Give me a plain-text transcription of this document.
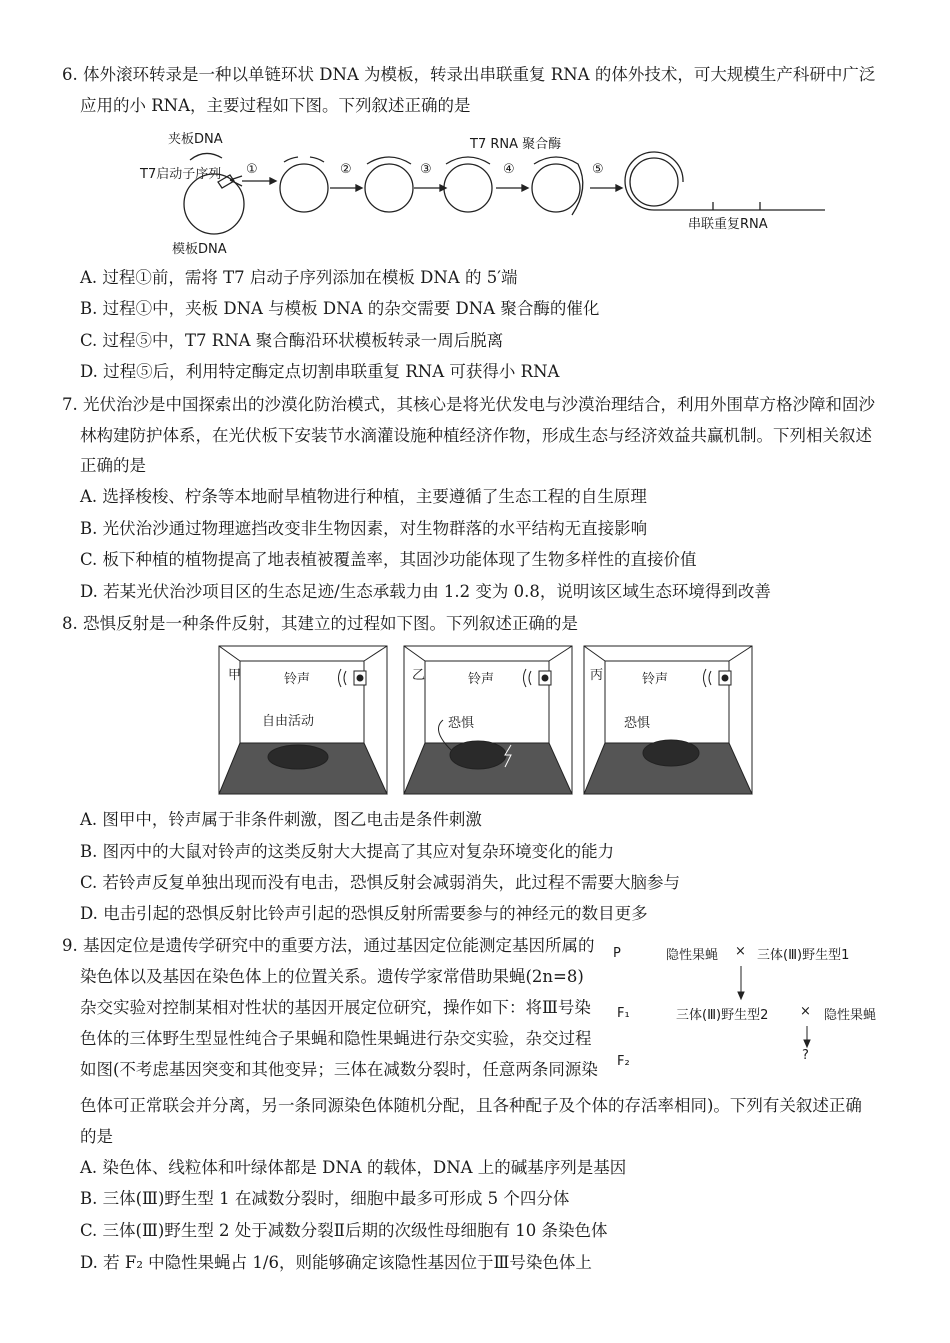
6. 体外滚环转录是一种以单链环状 DNA 为模板，转录出串联重复 RNA 的体外技术，可大规模生产科研中广泛
应用的小 RNA，主要过程如下图。下列叙述正确的是
夹板DNA
T7启动子序列
模板DNA
T7 RNA 聚合酶
串联重复RNA
①	②	③	④	⑤
A. 过程①前，需将 T7 启动子序列添加在模板 DNA 的 5′端
B. 过程①中，夹板 DNA 与模板 DNA 的杂交需要 DNA 聚合酶的催化
C. 过程⑤中，T7 RNA 聚合酶沿环状模板转录一周后脱离
D. 过程⑤后，利用特定酶定点切割串联重复 RNA 可获得小 RNA
7. 光伏治沙是中国探索出的沙漠化防治模式，其核心是将光伏发电与沙漠治理结合，利用外围草方格沙障和固沙
林构建防护体系，在光伏板下安装节水滴灌设施种植经济作物，形成生态与经济效益共赢机制。下列相关叙述
正确的是
A. 选择梭梭、柠条等本地耐旱植物进行种植，主要遵循了生态工程的自生原理
B. 光伏治沙通过物理遮挡改变非生物因素，对生物群落的水平结构无直接影响
C. 板下种植的植物提高了地表植被覆盖率，其固沙功能体现了生物多样性的直接价值
D. 若某光伏治沙项目区的生态足迹/生态承载力由 1.2 变为 0.8，说明该区域生态环境得到改善
8. 恐惧反射是一种条件反射，其建立的过程如下图。下列叙述正确的是
甲	铃声
自由活动
乙	铃声
恐惧
丙	铃声
恐惧
A. 图甲中，铃声属于非条件刺激，图乙电击是条件刺激
B. 图丙中的大鼠对铃声的这类反射大大提高了其应对复杂环境变化的能力
C. 若铃声反复单独出现而没有电击，恐惧反射会减弱消失，此过程不需要大脑参与
D. 电击引起的恐惧反射比铃声引起的恐惧反射所需要参与的神经元的数目更多
9. 基因定位是遗传学研究中的重要方法，通过基因定位能测定基因所属的
染色体以及基因在染色体上的位置关系。遗传学家常借助果蝇(2n=8)
杂交实验对控制某相对性状的基因开展定位研究，操作如下：将Ⅲ号染
色体的三体野生型显性纯合子果蝇和隐性果蝇进行杂交实验，杂交过程
如图(不考虑基因突变和其他变异；三体在减数分裂时，任意两条同源染
色体可正常联会并分离，另一条同源染色体随机分配，且各种配子及个体的存活率相同)。下列有关叙述正确
的是
P
F₁
F₂
隐性果蝇 × 三体(Ⅲ)野生型1
三体(Ⅲ)野生型2 × 隐性果蝇
?
A. 染色体、线粒体和叶绿体都是 DNA 的载体，DNA 上的碱基序列是基因
B. 三体(Ⅲ)野生型 1 在减数分裂时，细胞中最多可形成 5 个四分体
C. 三体(Ⅲ)野生型 2 处于减数分裂Ⅱ后期的次级性母细胞有 10 条染色体
D. 若 F₂ 中隐性果蝇占 1/6，则能够确定该隐性基因位于Ⅲ号染色体上
